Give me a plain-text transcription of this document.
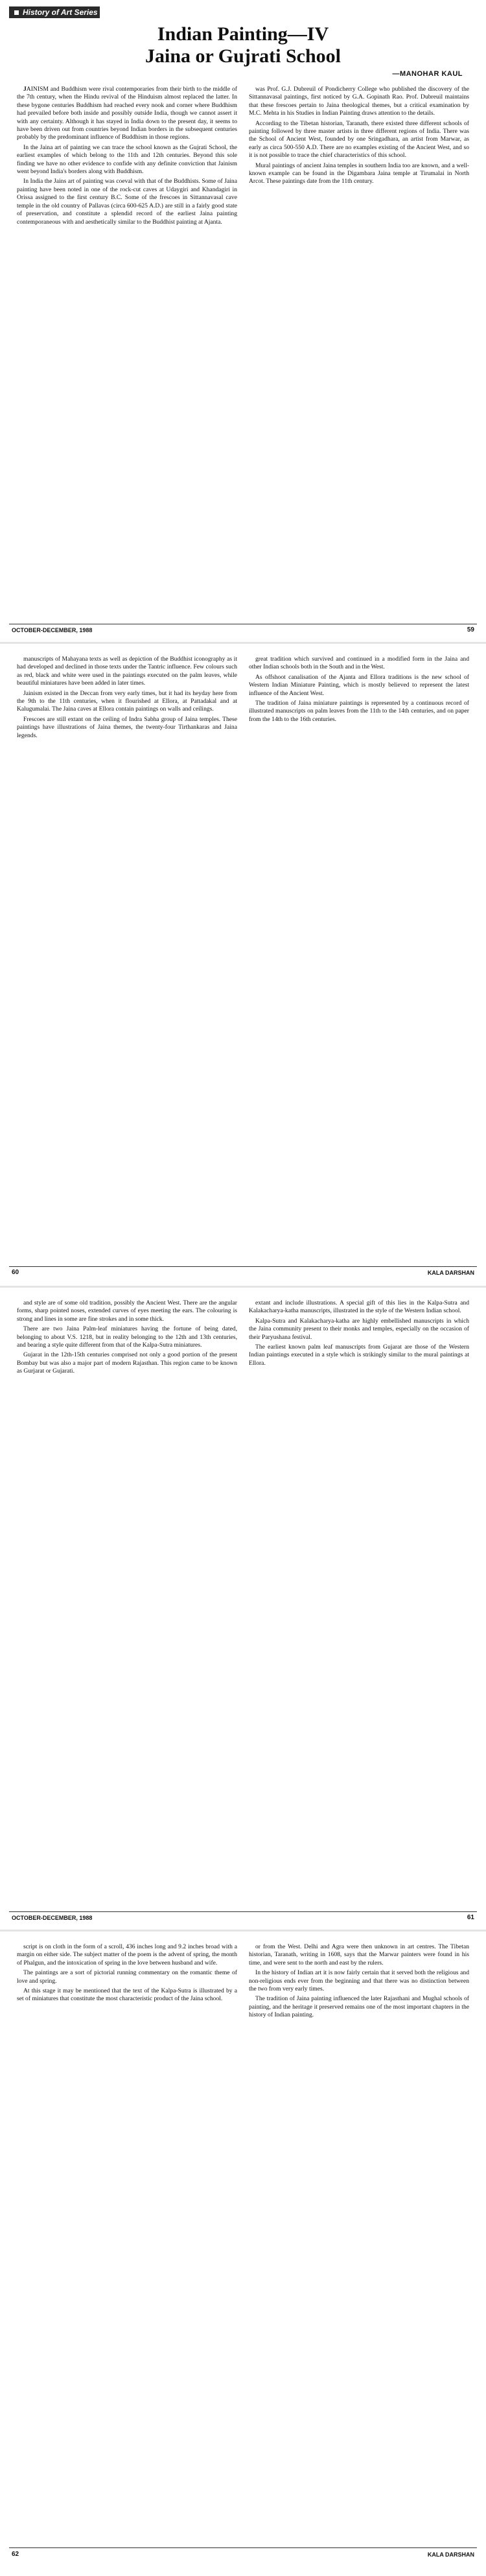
History of Art Series
Indian Painting—IV
Jaina or Gujrati School
—MANOHAR KAUL

JAINISM and Buddhism were rival contemporaries from their birth to the middle of the 7th century, when the Hindu revival of the Hinduism almost replaced the latter. In these bygone centuries Buddhism had reached every nook and corner where Buddhism had prevailed before both inside and possibly outside India, though we cannot assert it with any certainty. Although it has stayed in India down to the present day, it seems to have been driven out from countries beyond Indian borders in the subsequent centuries probably by the predominant influence of Buddhism in those regions.

In the Jaina art of painting we can trace the school known as the Gujrati School, the earliest examples of which belong to the 11th and 12th centuries. Beyond this sole finding we have no other evidence to confide with any definite conviction that Jainism went beyond India's borders along with Buddhism.

In India the Jains art of painting was coeval with that of the Buddhists. Some of Jaina painting have been noted in one of the rock-cut caves at Udaygiri and Khandagiri in Orissa assigned to the first century B.C. Some of the frescoes in Sittannavasal cave temple in the old country of Pallavas (circa 600-625 A.D.) are still in a fairly good state of preservation, and constitute a splendid record of the earliest Jaina painting contemporaneous with and aesthetically similar to the Buddhist painting at Ajanta.

was Prof. G.J. Dubreuil of Pondicherry College who published the discovery of the Sittannavasal paintings, first noticed by G.A. Gopinath Rao. Prof. Dubreuil maintains that these frescoes pertain to Jaina theological themes, but a critical examination by M.C. Mehta in his Studies in Indian Painting draws attention to the details.

According to the Tibetan historian, Taranath, there existed three different schools of painting followed by three master artists in three different regions of India. There was the School of Ancient West, founded by one Sringadhara, an artist from Marwar, as early as circa 500-550 A.D. There are no examples existing of the Ancient West, and so it is not possible to trace the chief characteristics of this school.

Mural paintings of ancient Jaina temples in southern India too are known, and a well-known example can be found in the Digambara Jaina temple at Tirumalai in North Arcot. These paintings date from the 11th century.

OCTOBER-DECEMBER, 1988	59

manuscripts of Mahayana texts as well as depiction of the Buddhist iconography as it had developed and declined in those texts under the Tantric influence. Few colours such as red, black and white were used in the paintings executed on the palm leaves, while beautiful miniatures have been added in later times.

Jainism existed in the Deccan from very early times, but it had its heyday here from the 9th to the 11th centuries, when it flourished at Ellora, at Pattadakal and at Kalugumalai. The Jaina caves at Ellora contain paintings on walls and ceilings.

Frescoes are still extant on the ceiling of Indra Sabha group of Jaina temples. These paintings have illustrations of Jaina themes, the twenty-four Tirthankaras and Jaina legends.

great tradition which survived and continued in a modified form in the Jaina and other Indian schools both in the South and in the West.

As offshoot canalisation of the Ajanta and Ellora traditions is the new school of Western Indian Miniature Painting, which is mostly believed to represent the latest influence of the Ancient West.

The tradition of Jaina miniature paintings is represented by a continuous record of illustrated manuscripts on palm leaves from the 11th to the 14th centuries, and on paper from the 14th to the 16th centuries.

60	KALA DARSHAN

and style are of some old tradition, possibly the Ancient West. There are the angular forms, sharp pointed noses, extended curves of eyes meeting the ears. The colouring is strong and lines in some are fine strokes and in some thick.

There are two Jaina Palm-leaf miniatures having the fortune of being dated, belonging to about V.S. 1218, but in reality belonging to the 12th and 13th centuries, and bearing a style quite different from that of the Kalpa-Sutra miniatures.

Gujarat in the 12th-15th centuries comprised not only a good portion of the present Bombay but was also a major part of modern Rajasthan. This region came to be known as Gurjarat or Gujarati.

extant and include illustrations. A special gift of this lies in the Kalpa-Sutra and Kalakacharya-katha manuscripts, illustrated in the style of the Western Indian school.

Kalpa-Sutra and Kalakacharya-katha are highly embellished manuscripts in which the Jaina community present to their monks and temples, especially on the occasion of their Paryushana festival.

The earliest known palm leaf manuscripts from Gujarat are those of the Western Indian paintings executed in a style which is strikingly similar to the mural paintings at Ellora.

OCTOBER-DECEMBER, 1988	61

script is on cloth in the form of a scroll, 436 inches long and 9.2 inches broad with a margin on either side. The subject matter of the poem is the advent of spring, the month of Phalgun, and the intoxication of spring in the love between husband and wife.

The paintings are a sort of pictorial running commentary on the romantic theme of love and spring.

At this stage it may be mentioned that the text of the Kalpa-Sutra is illustrated by a set of miniatures that constitute the most characteristic product of the Jaina school.

or from the West. Delhi and Agra were then unknown in art centres. The Tibetan historian, Taranath, writing in 1608, says that the Marwar painters were found in his time, and were sent to the north and east by the rulers.

In the history of Indian art it is now fairly certain that it served both the religious and non-religious ends ever from the beginning and that there was no distinction between the two from very early times.

The tradition of Jaina painting influenced the later Rajasthani and Mughal schools of painting, and the heritage it preserved remains one of the most important chapters in the history of Indian painting.

62	KALA DARSHAN
